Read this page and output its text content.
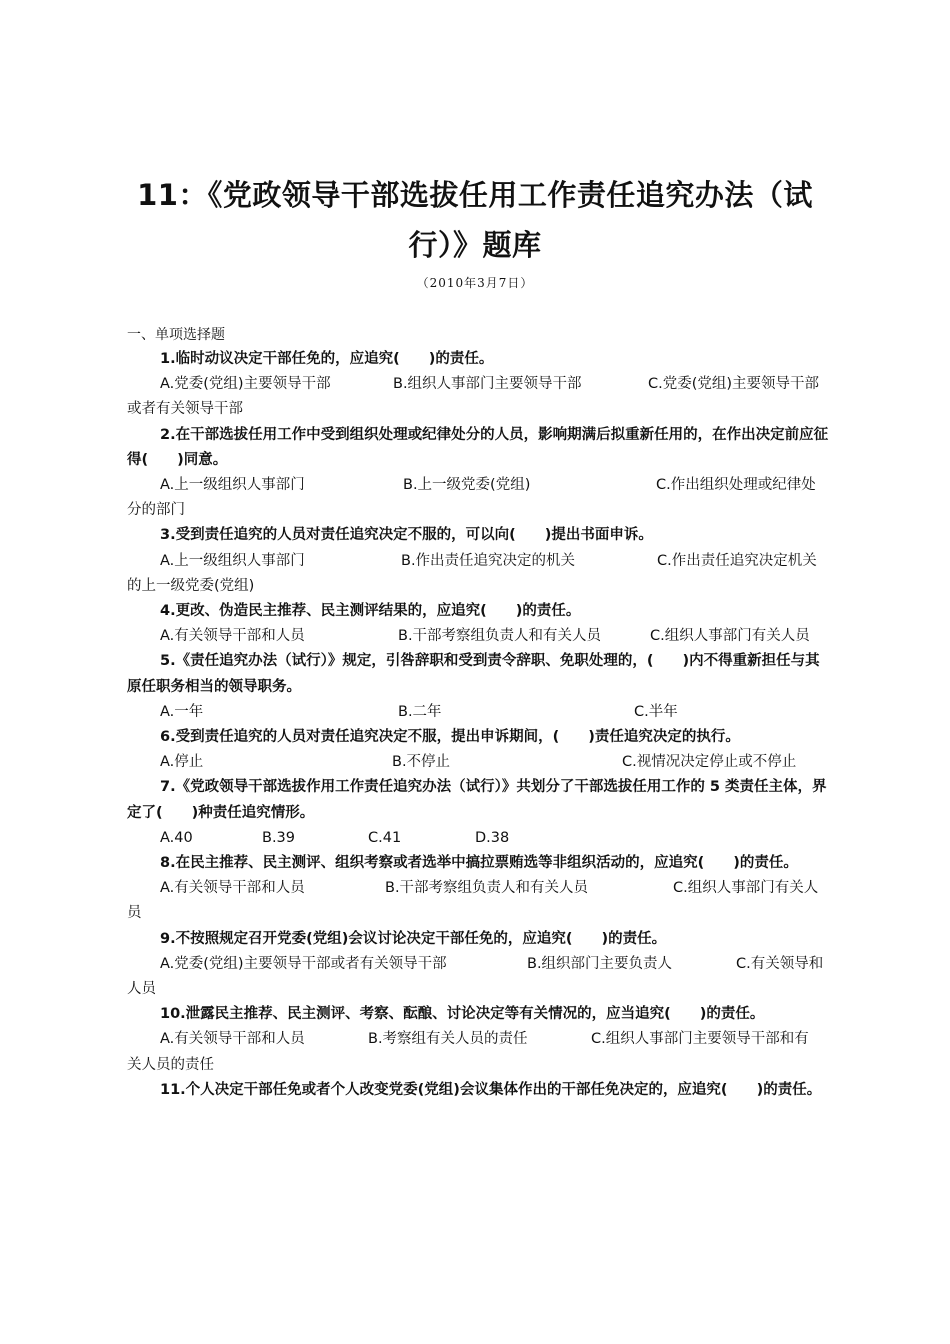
11：《党政领导干部选拔任用工作责任追究办法（试
行）》题库
（2010年3月7日）
一、单项选择题

1.临时动议决定干部任免的，应追究(　　)的责任。

A.党委(党组)主要领导干部	B.组织人事部门主要领导干部	C.党委(党组)主要领导干部

或者有关领导干部

2.在干部选拔任用工作中受到组织处理或纪律处分的人员，影响期满后拟重新任用的，在作出决定前应征得(　　)同意。

A.上一级组织人事部门	B.上一级党委(党组)	C.作出组织处理或纪律处

分的部门

3.受到责任追究的人员对责任追究决定不服的，可以向(　　)提出书面申诉。

A.上一级组织人事部门	B.作出责任追究决定的机关	C.作出责任追究决定机关

的上一级党委(党组)

4.更改、伪造民主推荐、民主测评结果的，应追究(　　)的责任。

A.有关领导干部和人员	B.干部考察组负责人和有关人员	C.组织人事部门有关人员

5.《责任追究办法（试行）》规定，引咎辞职和受到责令辞职、免职处理的，(　　)内不得重新担任与其原任职务相当的领导职务。

A.一年	B.二年	C.半年

6.受到责任追究的人员对责任追究决定不服，提出申诉期间，(　　)责任追究决定的执行。

A.停止	B.不停止	C.视情况决定停止或不停止

7.《党政领导干部选拔作用工作责任追究办法（试行）》共划分了干部选拔任用工作的 5 类责任主体，界定了(　　)种责任追究情形。

A.40	B.39	C.41	D.38

8.在民主推荐、民主测评、组织考察或者选举中搞拉票贿选等非组织活动的，应追究(　　)的责任。

A.有关领导干部和人员	B.干部考察组负责人和有关人员	C.组织人事部门有关人

员

9.不按照规定召开党委(党组)会议讨论决定干部任免的，应追究(　　)的责任。

A.党委(党组)主要领导干部或者有关领导干部	B.组织部门主要负责人	C.有关领导和

人员

10.泄露民主推荐、民主测评、考察、酝酿、讨论决定等有关情况的，应当追究(　　)的责任。

A.有关领导干部和人员	B.考察组有关人员的责任	C.组织人事部门主要领导干部和有

关人员的责任

11.个人决定干部任免或者个人改变党委(党组)会议集体作出的干部任免决定的，应追究(　　)的责任。
